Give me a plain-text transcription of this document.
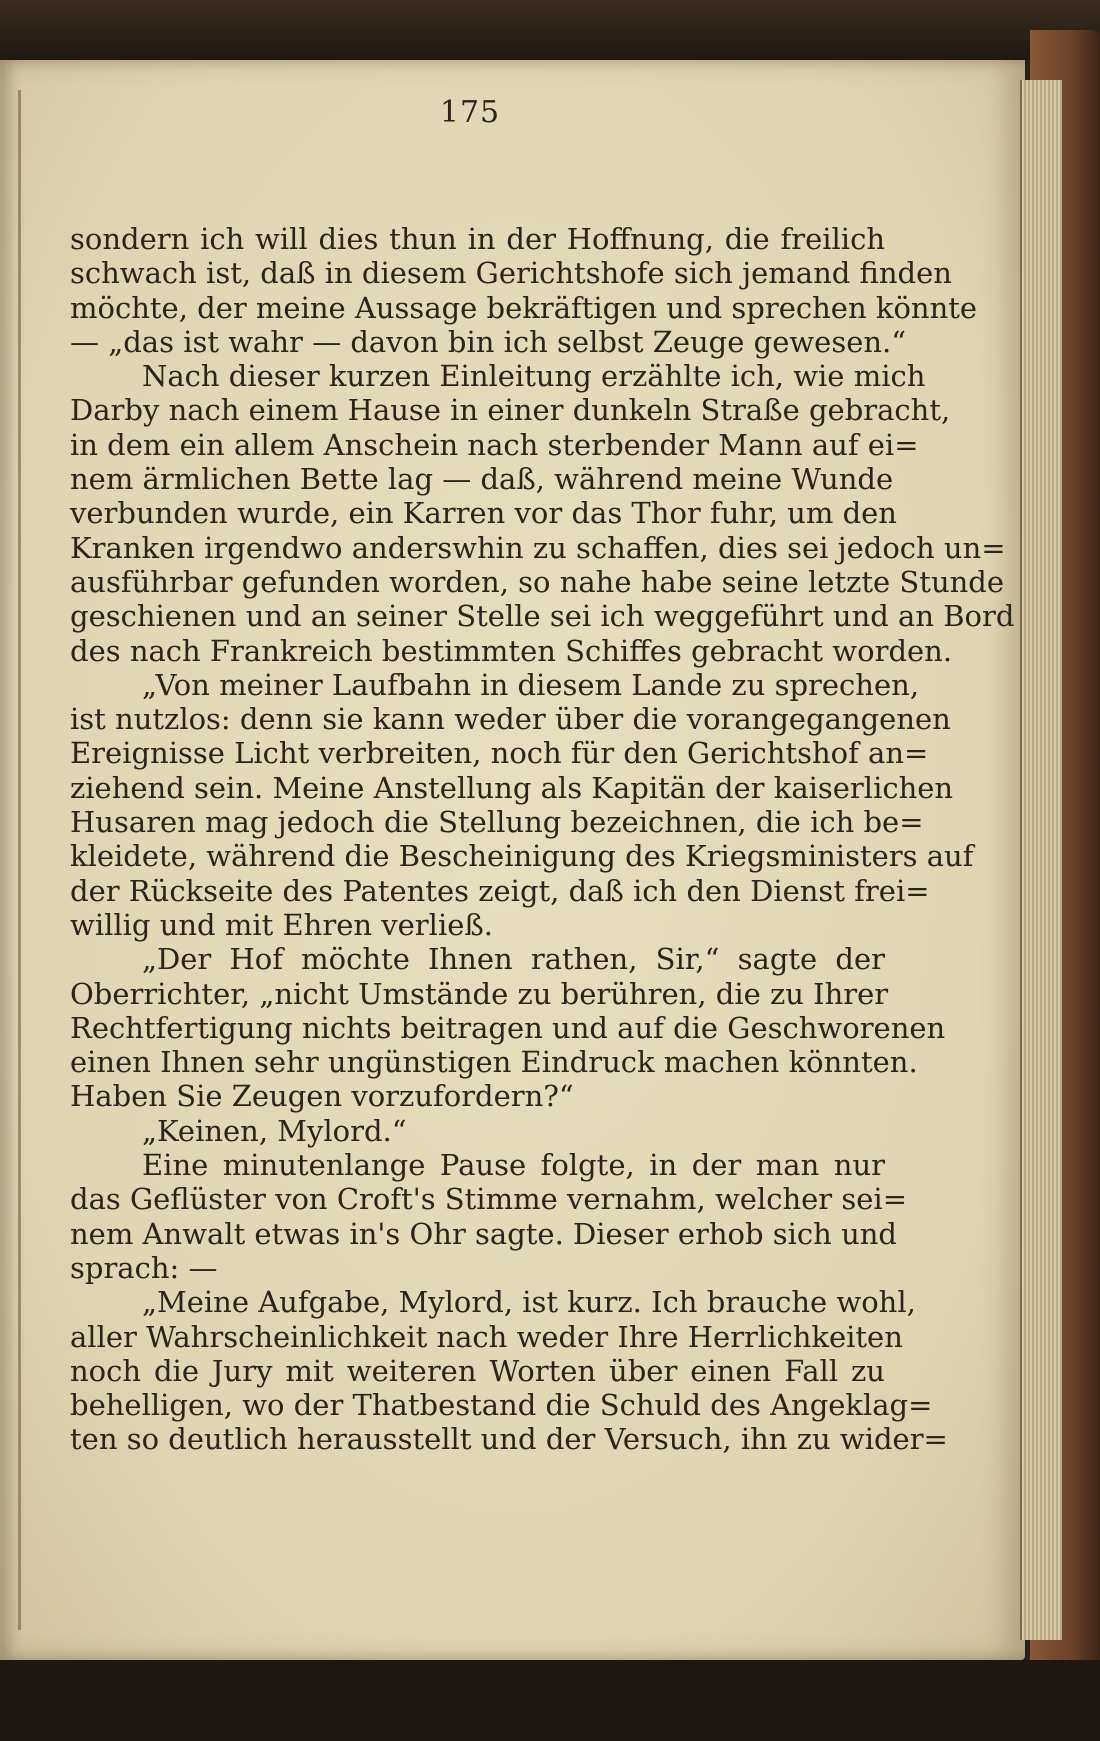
175
sondern ich will dies thun in der Hoffnung, die freilich
schwach ist, daß in diesem Gerichtshofe sich jemand finden
möchte, der meine Aussage bekräftigen und sprechen könnte
— „das ist wahr — davon bin ich selbst Zeuge gewesen.“
Nach dieser kurzen Einleitung erzählte ich, wie mich
Darby nach einem Hause in einer dunkeln Straße gebracht,
in dem ein allem Anschein nach sterbender Mann auf ei=
nem ärmlichen Bette lag — daß, während meine Wunde
verbunden wurde, ein Karren vor das Thor fuhr, um den
Kranken irgendwo anderswhin zu schaffen, dies sei jedoch un=
ausführbar gefunden worden, so nahe habe seine letzte Stunde
geschienen und an seiner Stelle sei ich weggeführt und an Bord
des nach Frankreich bestimmten Schiffes gebracht worden.
„Von meiner Laufbahn in diesem Lande zu sprechen,
ist nutzlos: denn sie kann weder über die vorangegangenen
Ereignisse Licht verbreiten, noch für den Gerichtshof an=
ziehend sein. Meine Anstellung als Kapitän der kaiserlichen
Husaren mag jedoch die Stellung bezeichnen, die ich be=
kleidete, während die Bescheinigung des Kriegsministers auf
der Rückseite des Patentes zeigt, daß ich den Dienst frei=
willig und mit Ehren verließ.
„Der Hof möchte Ihnen rathen, Sir,“ sagte der
Oberrichter, „nicht Umstände zu berühren, die zu Ihrer
Rechtfertigung nichts beitragen und auf die Geschworenen
einen Ihnen sehr ungünstigen Eindruck machen könnten.
Haben Sie Zeugen vorzufordern?“
„Keinen, Mylord.“
Eine minutenlange Pause folgte, in der man nur
das Geflüster von Croft's Stimme vernahm, welcher sei=
nem Anwalt etwas in's Ohr sagte. Dieser erhob sich und
sprach: —
„Meine Aufgabe, Mylord, ist kurz. Ich brauche wohl,
aller Wahrscheinlichkeit nach weder Ihre Herrlichkeiten
noch die Jury mit weiteren Worten über einen Fall zu
behelligen, wo der Thatbestand die Schuld des Angeklag=
ten so deutlich herausstellt und der Versuch, ihn zu wider=
